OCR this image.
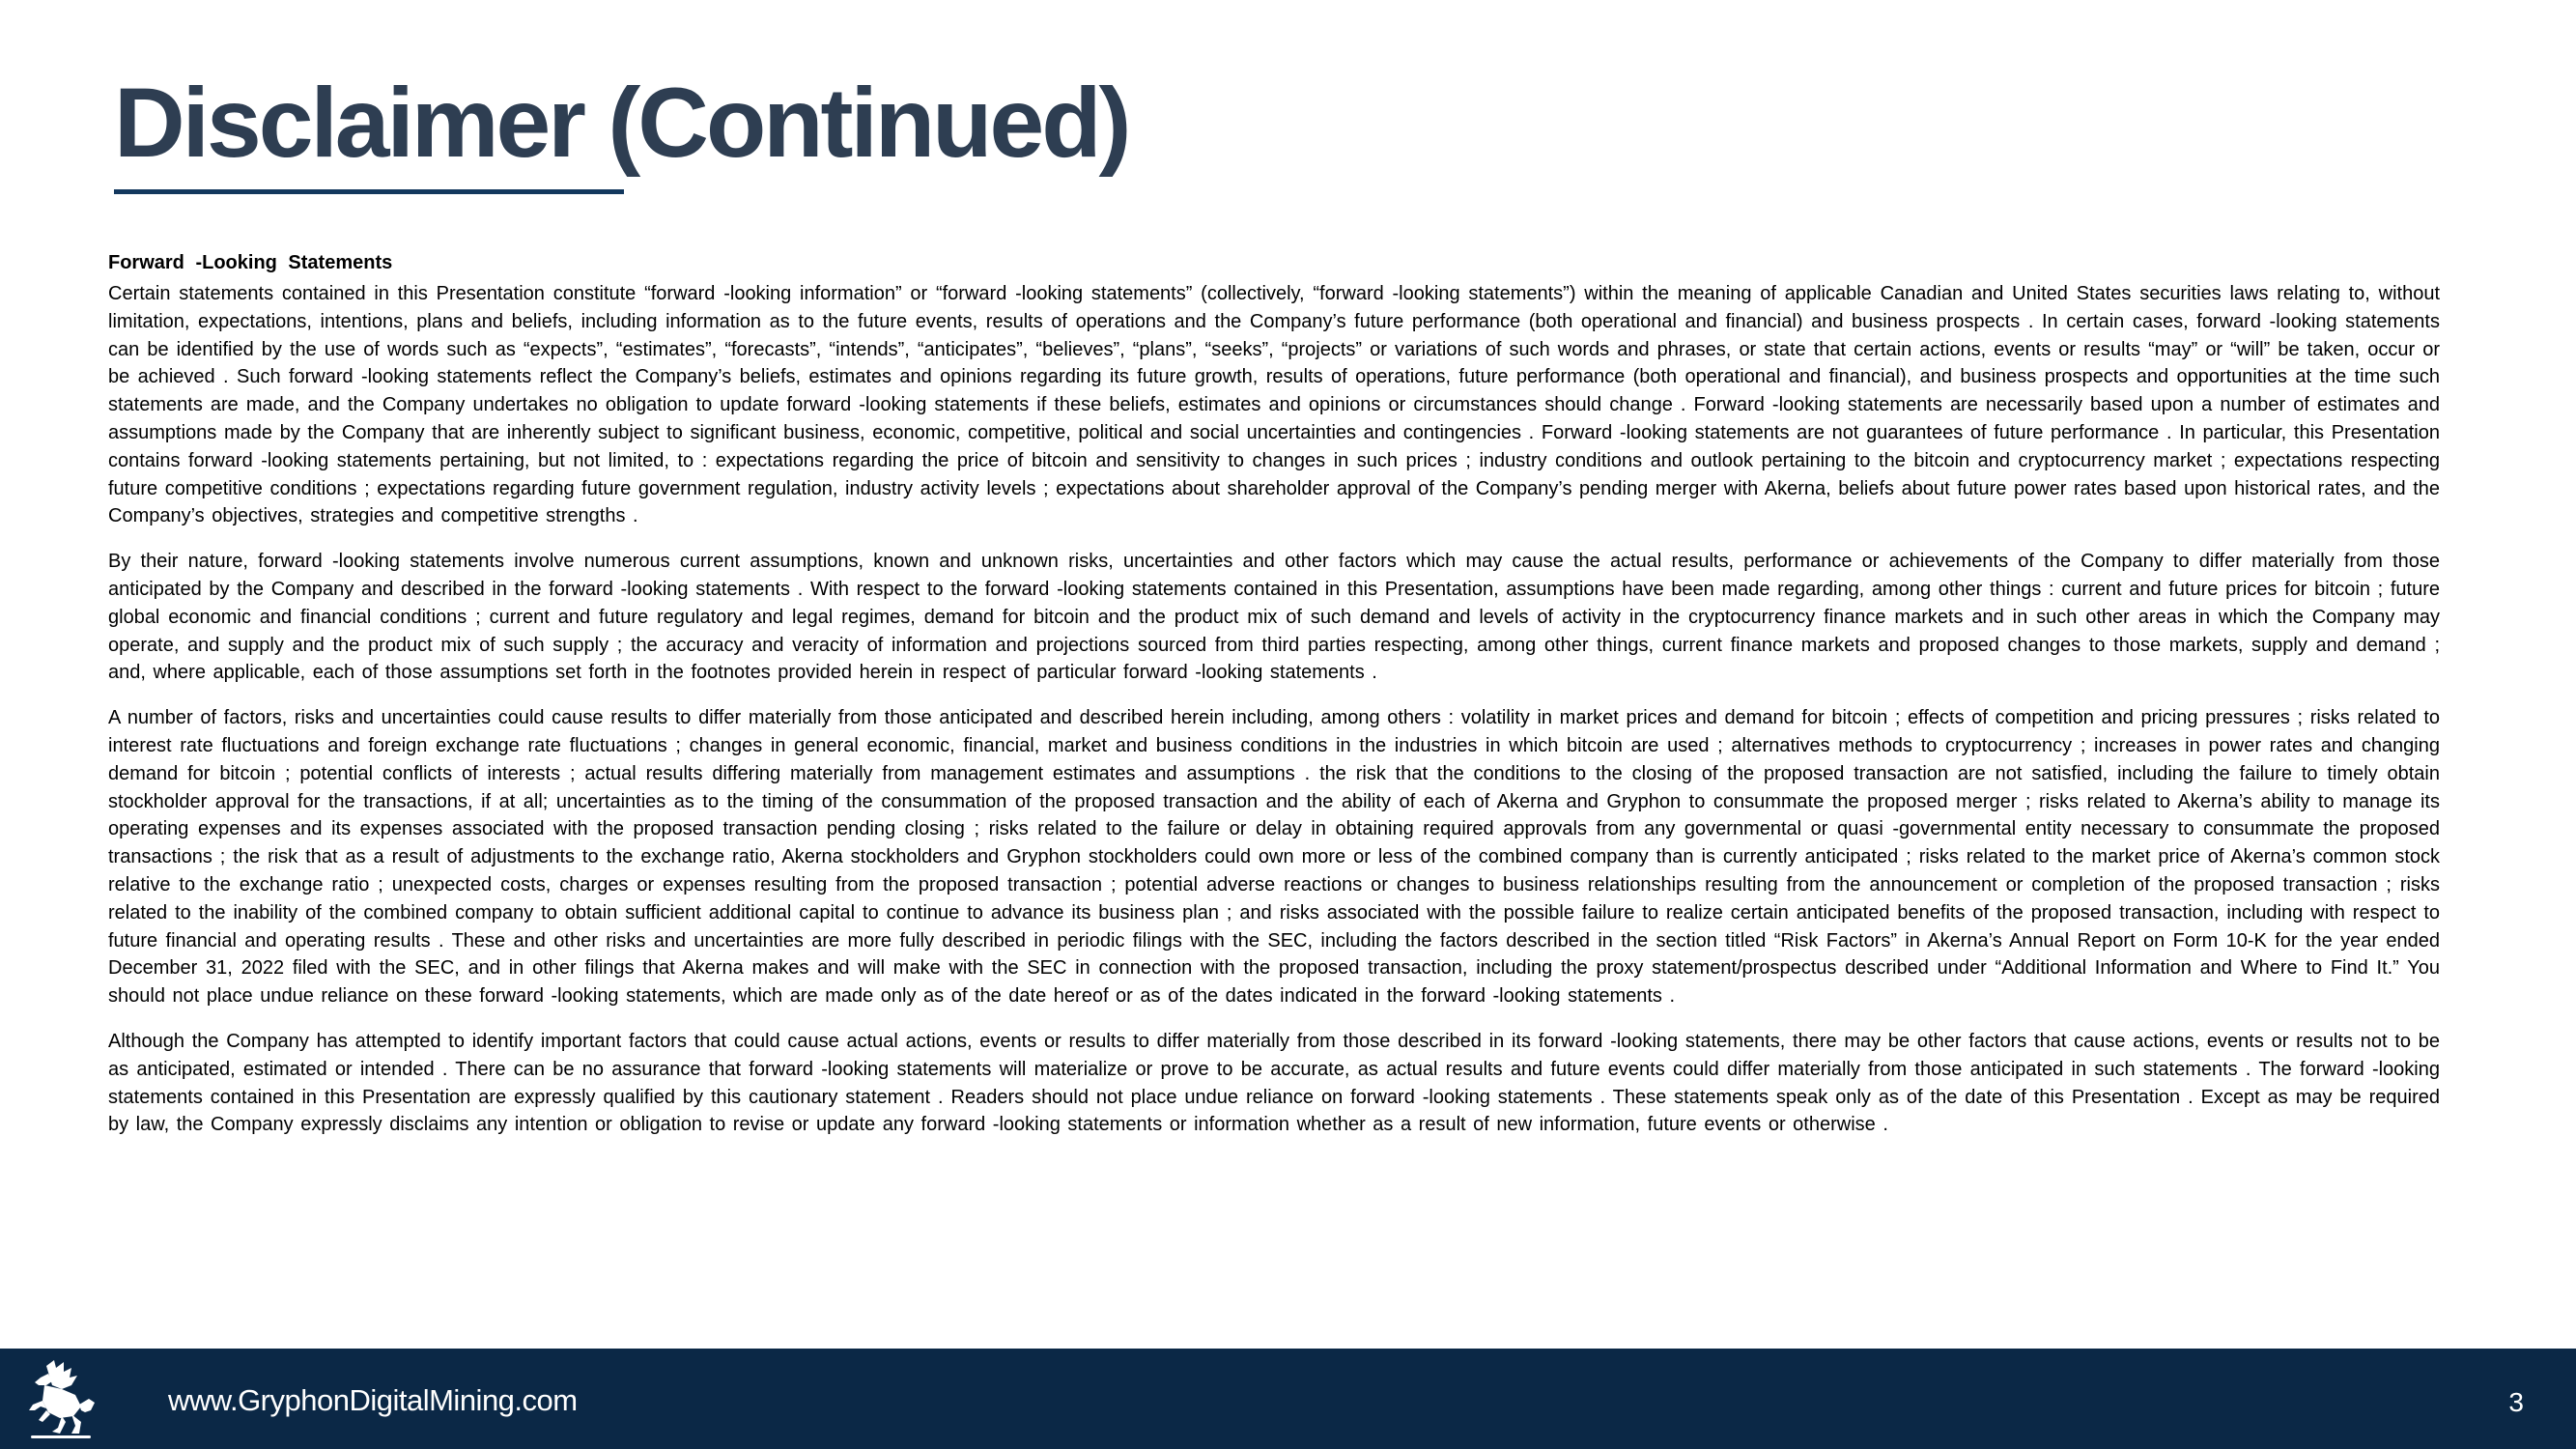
Disclaimer (Continued)
Forward -Looking Statements

Certain statements contained in this Presentation constitute “forward -looking information” or “forward -looking statements” (collectively, “forward -looking statements”) within the meaning of applicable Canadian and United States securities laws relating to, without limitation, expectations, intentions, plans and beliefs, including information as to the future events, results of operations and the Company’s future performance (both operational and financial) and business prospects . In certain cases, forward -looking statements can be identified by the use of words such as “expects”, “estimates”, “forecasts”, “intends”, “anticipates”, “believes”, “plans”, “seeks”, “projects” or variations of such words and phrases, or state that certain actions, events or results “may” or “will” be taken, occur or be achieved . Such forward -looking statements reflect the Company’s beliefs, estimates and opinions regarding its future growth, results of operations, future performance (both operational and financial), and business prospects and opportunities at the time such statements are made, and the Company undertakes no obligation to update forward -looking statements if these beliefs, estimates and opinions or circumstances should change . Forward -looking statements are necessarily based upon a number of estimates and assumptions made by the Company that are inherently subject to significant business, economic, competitive, political and social uncertainties and contingencies . Forward -looking statements are not guarantees of future performance . In particular, this Presentation contains forward -looking statements pertaining, but not limited, to : expectations regarding the price of bitcoin and sensitivity to changes in such prices ; industry conditions and outlook pertaining to the bitcoin and cryptocurrency market ; expectations respecting future competitive conditions ; expectations regarding future government regulation, industry activity levels ; expectations about shareholder approval of the Company’s pending merger with Akerna, beliefs about future power rates based upon historical rates, and the Company’s objectives, strategies and competitive strengths .

By their nature, forward -looking statements involve numerous current assumptions, known and unknown risks, uncertainties and other factors which may cause the actual results, performance or achievements of the Company to differ materially from those anticipated by the Company and described in the forward -looking statements . With respect to the forward -looking statements contained in this Presentation, assumptions have been made regarding, among other things : current and future prices for bitcoin ; future global economic and financial conditions ; current and future regulatory and legal regimes, demand for bitcoin and the product mix of such demand and levels of activity in the cryptocurrency finance markets and in such other areas in which the Company may operate, and supply and the product mix of such supply ; the accuracy and veracity of information and projections sourced from third parties respecting, among other things, current finance markets and proposed changes to those markets, supply and demand ; and, where applicable, each of those assumptions set forth in the footnotes provided herein in respect of particular forward -looking statements .

A number of factors, risks and uncertainties could cause results to differ materially from those anticipated and described herein including, among others : volatility in market prices and demand for bitcoin ; effects of competition and pricing pressures ; risks related to interest rate fluctuations and foreign exchange rate fluctuations ; changes in general economic, financial, market and business conditions in the industries in which bitcoin are used ; alternatives methods to cryptocurrency ; increases in power rates and changing demand for bitcoin ; potential conflicts of interests ; actual results differing materially from management estimates and assumptions . the risk that the conditions to the closing of the proposed transaction are not satisfied, including the failure to timely obtain stockholder approval for the transactions, if at all; uncertainties as to the timing of the consummation of the proposed transaction and the ability of each of Akerna and Gryphon to consummate the proposed merger ; risks related to Akerna’s ability to manage its operating expenses and its expenses associated with the proposed transaction pending closing ; risks related to the failure or delay in obtaining required approvals from any governmental or quasi -governmental entity necessary to consummate the proposed transactions ; the risk that as a result of adjustments to the exchange ratio, Akerna stockholders and Gryphon stockholders could own more or less of the combined company than is currently anticipated ; risks related to the market price of Akerna’s common stock relative to the exchange ratio ; unexpected costs, charges or expenses resulting from the proposed transaction ; potential adverse reactions or changes to business relationships resulting from the announcement or completion of the proposed transaction ; risks related to the inability of the combined company to obtain sufficient additional capital to continue to advance its business plan ; and risks associated with the possible failure to realize certain anticipated benefits of the proposed transaction, including with respect to future financial and operating results . These and other risks and uncertainties are more fully described in periodic filings with the SEC, including the factors described in the section titled “Risk Factors” in Akerna’s Annual Report on Form 10-K for the year ended December 31, 2022 filed with the SEC, and in other filings that Akerna makes and will make with the SEC in connection with the proposed transaction, including the proxy statement/prospectus described under “Additional Information and Where to Find It.” You should not place undue reliance on these forward -looking statements, which are made only as of the date hereof or as of the dates indicated in the forward -looking statements .

Although the Company has attempted to identify important factors that could cause actual actions, events or results to differ materially from those described in its forward -looking statements, there may be other factors that cause actions, events or results not to be as anticipated, estimated or intended . There can be no assurance that forward -looking statements will materialize or prove to be accurate, as actual results and future events could differ materially from those anticipated in such statements . The forward -looking statements contained in this Presentation are expressly qualified by this cautionary statement . Readers should not place undue reliance on forward -looking statements . These statements speak only as of the date of this Presentation . Except as may be required by law, the Company expressly disclaims any intention or obligation to revise or update any forward -looking statements or information whether as a result of new information, future events or otherwise .

www.GryphonDigitalMining.com	3
